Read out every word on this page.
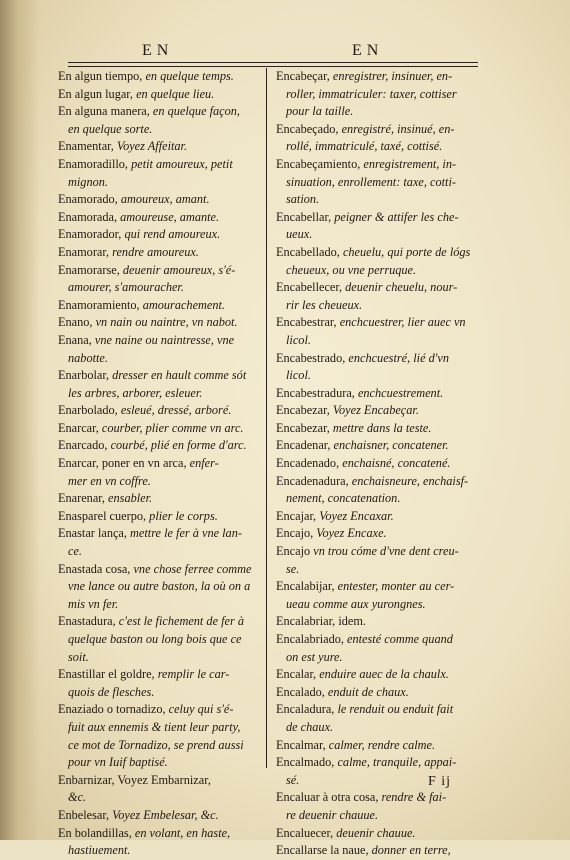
EN	EN
En algun tiempo, en quelque temps.
En algun lugar, en quelque lieu.
En alguna manera, en quelque façon,
en quelque sorte.
Enamentar, Voyez Affeitar.
Enamoradillo, petit amoureux, petit
mignon.
Enamorado, amoureux, amant.
Enamorada, amoureuse, amante.
Enamorador, qui rend amoureux.
Enamorar, rendre amoureux.
Enamorarse, deuenir amoureux, s'é-
amourer, s'amouracher.
Enamoramiento, amourachement.
Enano, vn nain ou naintre, vn nabot.
Enana, vne naine ou naintresse, vne
nabotte.
Enarbolar, dresser en hault comme sót
les arbres, arborer, esleuer.
Enarbolado, esleué, dressé, arboré.
Enarcar, courber, plier comme vn arc.
Enarcado, courbé, plié en forme d'arc.
Enarcar, poner en vn arca, enfer-
mer en vn coffre.
Enarenar, ensabler.
Enasparel cuerpo, plier le corps.
Enastar lança, mettre le fer à vne lan-
ce.
Enastada cosa, vne chose ferree comme
vne lance ou autre baston, la où on a
mis vn fer.
Enastadura, c'est le fichement de fer à
quelque baston ou long bois que ce
soit.
Enastillar el goldre, remplir le car-
quois de flesches.
Enaziado o tornadizo, celuy qui s'é-
fuit aux ennemis & tient leur party,
ce mot de Tornadizo, se prend aussi
pour vn Iuif baptisé.
Enbarnizar, Voyez Embarnizar,
&c.
Enbelesar, Voyez Embelesar, &c.
En bolandillas, en volant, en haste,
hastiuement.
Encabeçar, enregistrer, insinuer, en-
roller, immatriculer: taxer, cottiser
pour la taille.
Encabeçado, enregistré, insinué, en-
rollé, immatriculé, taxé, cottisé.
Encabeçamiento, enregistrement, in-
sinuation, enrollement: taxe, cotti-
sation.
Encabellar, peigner & attifer les che-
ueux.
Encabellado, cheuelu, qui porte de lógs
cheueux, ou vne perruque.
Encabellecer, deuenir cheuelu, nour-
rir les cheueux.
Encabestrar, enchcuestrer, lier auec vn
licol.
Encabestrado, enchcuestré, lié d'vn
licol.
Encabestradura, enchcuestrement.
Encabezar, Voyez Encabeçar.
Encabezar, mettre dans la teste.
Encadenar, enchaisner, concatener.
Encadenado, enchaisné, concatené.
Encadenadura, enchaisneure, enchaisf-
nement, concatenation.
Encajar, Voyez Encaxar.
Encajo, Voyez Encaxe.
Encajo vn trou cóme d'vne dent creu-
se.
Encalabijar, entester, monter au cer-
ueau comme aux yurongnes.
Encalabriar, idem.
Encalabriado, entesté comme quand
on est yure.
Encalar, enduire auec de la chaulx.
Encalado, enduit de chaux.
Encaladura, le renduit ou enduit fait
de chaux.
Encalmar, calmer, rendre calme.
Encalmado, calme, tranquile, appai-
sé.
Encaluar à otra cosa, rendre & fai-
re deuenir chauue.
Encaluecer, deuenir chauue.
Encallarse la naue, donner en terre,
F ij
